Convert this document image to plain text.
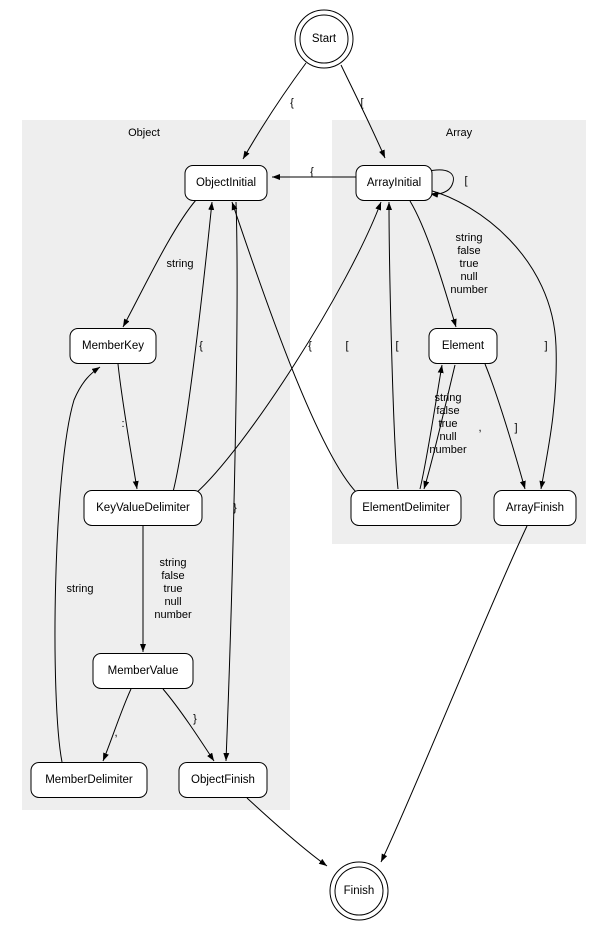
Object	Array
Start
ObjectInitial	ArrayInitial
MemberKey	Element
KeyValueDelimiter	ElementDelimiter	ArrayFinish
MemberValue
MemberDelimiter	ObjectFinish
Finish
{	[
{
[
string
string
false
true
null
number
[	[
{	{	]
:
string
false
true
null
number
,	]
string
false
true
null
number
string
}
,
}
